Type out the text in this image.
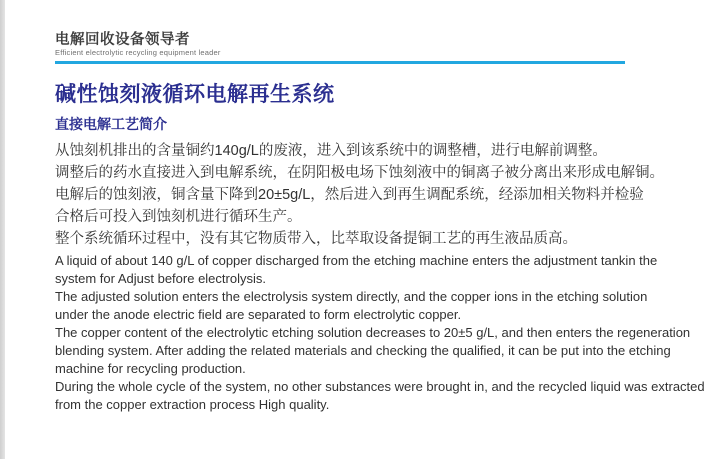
电解回收设备领导者
Efficient electrolytic recycling equipment leader
碱性蚀刻液循环电解再生系统
直接电解工艺简介
从蚀刻机排出的含量铜约140g/L的废液，进入到该系统中的调整槽，进行电解前调整。
调整后的药水直接进入到电解系统，在阴阳极电场下蚀刻液中的铜离子被分离出来形成电解铜。
电解后的蚀刻液，铜含量下降到20±5g/L，然后进入到再生调配系统，经添加相关物料并检验
合格后可投入到蚀刻机进行循环生产。
整个系统循环过程中，没有其它物质带入，比萃取设备提铜工艺的再生液品质高。
A liquid of about 140 g/L of copper discharged from the etching machine enters the adjustment tankin the
system for Adjust before electrolysis.
The adjusted solution enters the electrolysis system directly, and the copper ions in the etching solution
under the anode electric field are separated to form electrolytic copper.
The copper content of the electrolytic etching solution decreases to 20±5 g/L, and then enters the regeneration
blending system. After adding the related materials and checking the qualified, it can be put into the etching
machine for recycling production.
During the whole cycle of the system, no other substances were brought in, and the recycled liquid was extracted
from the copper extraction process High quality.
